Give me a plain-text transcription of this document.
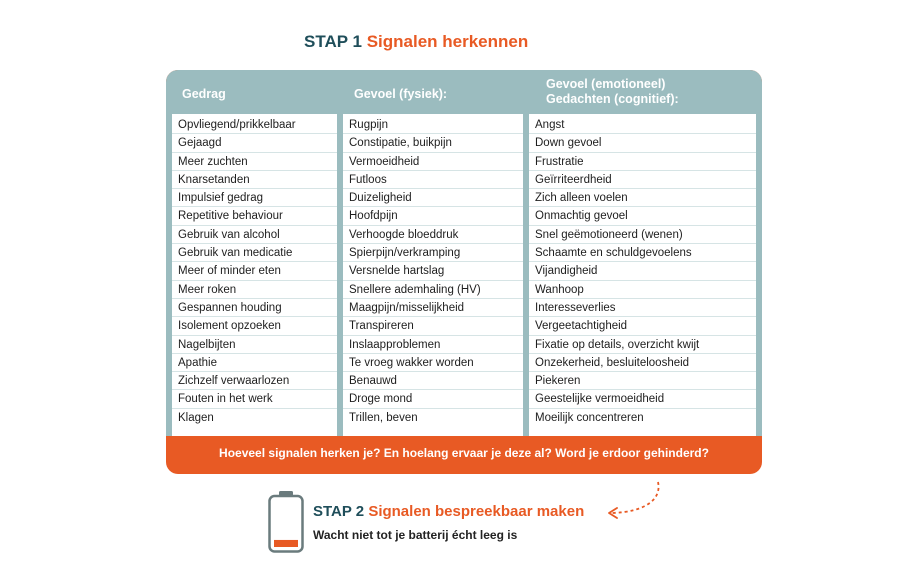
STAP 1 Signalen herkennen
Gedrag	Gevoel (fysiek):
Gevoel (emotioneel)
Gedachten (cognitief):
Opvliegend/prikkelbaar
Gejaagd
Meer zuchten
Knarsetanden
Impulsief gedrag
Repetitive behaviour
Gebruik van alcohol
Gebruik van medicatie
Meer of minder eten
Meer roken
Gespannen houding
Isolement opzoeken
Nagelbijten
Apathie
Zichzelf verwaarlozen
Fouten in het werk
Klagen
Rugpijn
Constipatie, buikpijn
Vermoeidheid
Futloos
Duizeligheid
Hoofdpijn
Verhoogde bloeddruk
Spierpijn/verkramping
Versnelde hartslag
Snellere ademhaling (HV)
Maagpijn/misselijkheid
Transpireren
Inslaapproblemen
Te vroeg wakker worden
Benauwd
Droge mond
Trillen, beven
Angst
Down gevoel
Frustratie
Geïrriteerdheid
Zich alleen voelen
Onmachtig gevoel
Snel geëmotioneerd (wenen)
Schaamte en schuldgevoelens
Vijandigheid
Wanhoop
Interesseverlies
Vergeetachtigheid
Fixatie op details, overzicht kwijt
Onzekerheid, besluiteloosheid
Piekeren
Geestelijke vermoeidheid
Moeilijk concentreren
Hoeveel signalen herken je? En hoelang ervaar je deze al? Word je erdoor gehinderd?
STAP 2 Signalen bespreekbaar maken
Wacht niet tot je batterij écht leeg is
